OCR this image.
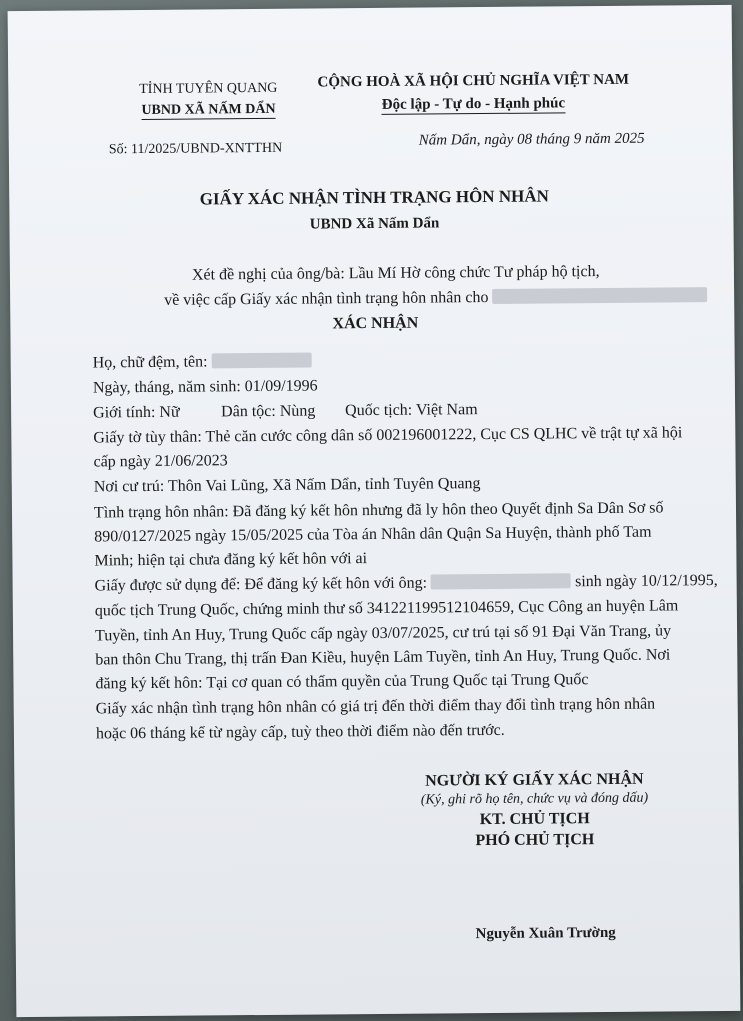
TỈNH TUYÊN QUANG
UBND XÃ NẤM DẨN
Số: 11/2025/UBND-XNTTHN
CỘNG HOÀ XÃ HỘI CHỦ NGHĨA VIỆT NAM
Độc lập - Tự do - Hạnh phúc
Nấm Dẩn, ngày 08 tháng 9 năm 2025
GIẤY XÁC NHẬN TÌNH TRẠNG HÔN NHÂN
UBND Xã Nấm Dẩn
Xét đề nghị của ông/bà: Lầu Mí Hờ công chức Tư pháp hộ tịch,
về việc cấp Giấy xác nhận tình trạng hôn nhân cho
XÁC NHẬN
Họ, chữ đệm, tên:
Ngày, tháng, năm sinh: 01/09/1996
Giới tính: Nữ	Dân tộc: Nùng Quốc tịch: Việt Nam
Giấy tờ tùy thân: Thẻ căn cước công dân số 002196001222, Cục CS QLHC về trật tự xã hội
cấp ngày 21/06/2023
Nơi cư trú: Thôn Vai Lũng, Xã Nấm Dẩn, tỉnh Tuyên Quang
Tình trạng hôn nhân: Đã đăng ký kết hôn nhưng đã ly hôn theo Quyết định Sa Dân Sơ số
890/0127/2025 ngày 15/05/2025 của Tòa án Nhân dân Quận Sa Huyện, thành phố Tam
Minh; hiện tại chưa đăng ký kết hôn với ai
Giấy được sử dụng để: Để đăng ký kết hôn với ông:	sinh ngày 10/12/1995,
quốc tịch Trung Quốc, chứng minh thư số 341221199512104659, Cục Công an huyện Lâm
Tuyền, tỉnh An Huy, Trung Quốc cấp ngày 03/07/2025, cư trú tại số 91 Đại Văn Trang, ủy
ban thôn Chu Trang, thị trấn Đan Kiều, huyện Lâm Tuyền, tỉnh An Huy, Trung Quốc. Nơi
đăng ký kết hôn: Tại cơ quan có thẩm quyền của Trung Quốc tại Trung Quốc
Giấy xác nhận tình trạng hôn nhân có giá trị đến thời điểm thay đổi tình trạng hôn nhân
hoặc 06 tháng kể từ ngày cấp, tuỳ theo thời điểm nào đến trước.
NGƯỜI KÝ GIẤY XÁC NHẬN
(Ký, ghi rõ họ tên, chức vụ và đóng dấu)
KT. CHỦ TỊCH
PHÓ CHỦ TỊCH
Nguyễn Xuân Trường
